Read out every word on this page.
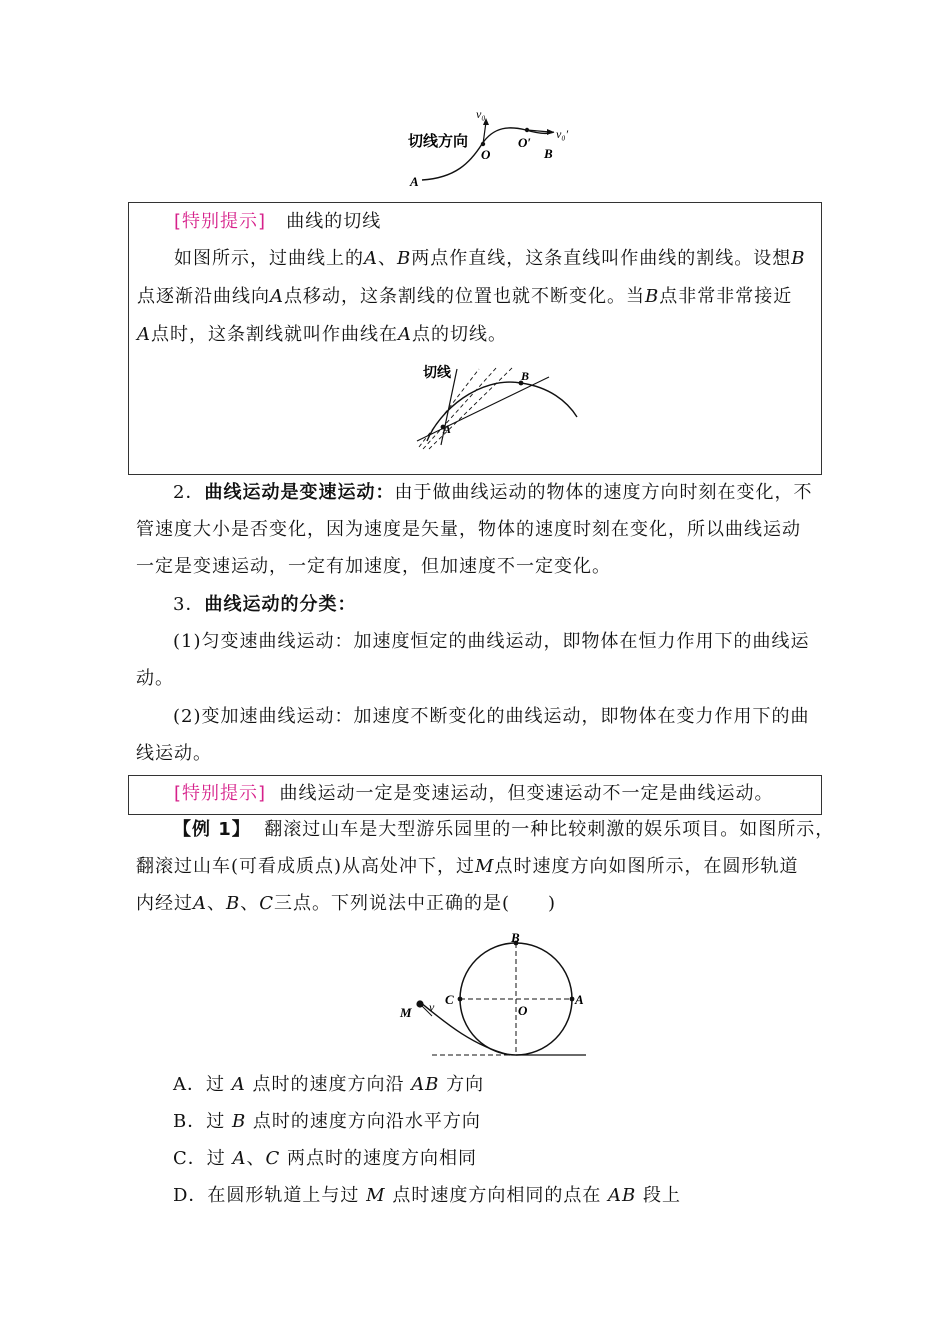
切线方向
v₀
O
O′
v₀′
B
A
[特别提示] 曲线的切线
如图所示，过曲线上的A、B两点作直线，这条直线叫作曲线的割线。设想B
点逐渐沿曲线向A点移动，这条割线的位置也就不断变化。当B点非常非常接近
A点时，这条割线就叫作曲线在A点的切线。
切线
A
B
2．曲线运动是变速运动：由于做曲线运动的物体的速度方向时刻在变化，不
管速度大小是否变化，因为速度是矢量，物体的速度时刻在变化，所以曲线运动
一定是变速运动，一定有加速度，但加速度不一定变化。
3．曲线运动的分类：
(1)匀变速曲线运动：加速度恒定的曲线运动，即物体在恒力作用下的曲线运
动。
(2)变加速曲线运动：加速度不断变化的曲线运动，即物体在变力作用下的曲
线运动。
[特别提示] 曲线运动一定是变速运动，但变速运动不一定是曲线运动。
【例 1】 翻滚过山车是大型游乐园里的一种比较刺激的娱乐项目。如图所示，
翻滚过山车(可看成质点)从高处冲下，过M点时速度方向如图所示，在圆形轨道
内经过A、B、C三点。下列说法中正确的是(　　)
B
C	A
O
M v
A．过 A 点时的速度方向沿 AB 方向
B．过 B 点时的速度方向沿水平方向
C．过 A、C 两点时的速度方向相同
D．在圆形轨道上与过 M 点时速度方向相同的点在 AB 段上
